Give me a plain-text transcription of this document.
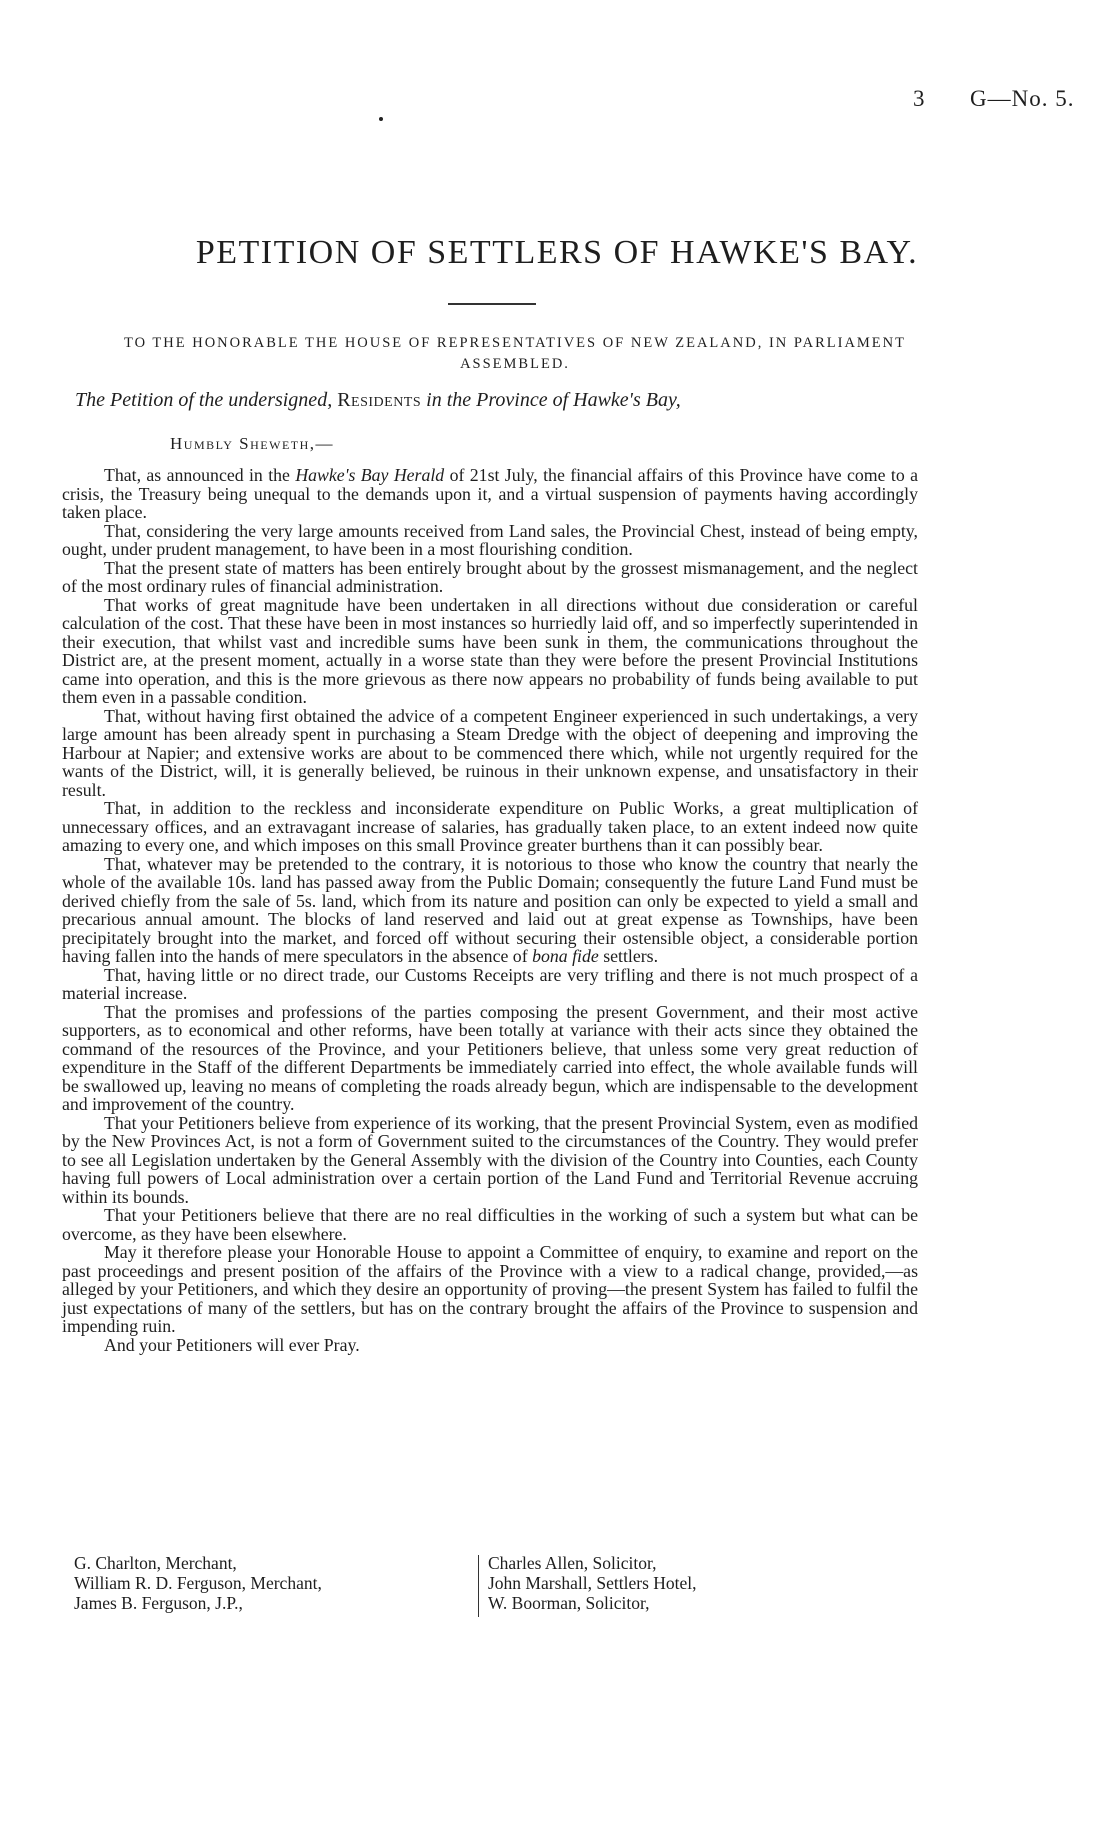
3 G—No. 5.
PETITION OF SETTLERS OF HAWKE'S BAY.
TO THE HONORABLE THE HOUSE OF REPRESENTATIVES OF NEW ZEALAND, IN PARLIAMENT ASSEMBLED.
The Petition of the undersigned, Residents in the Province of Hawke's Bay,
Humbly Sheweth,—

That, as announced in the Hawke's Bay Herald of 21st July, the financial affairs of this Province have come to a crisis, the Treasury being unequal to the demands upon it, and a virtual suspension of payments having accordingly taken place.

That, considering the very large amounts received from Land sales, the Provincial Chest, instead of being empty, ought, under prudent management, to have been in a most flourishing condition.

That the present state of matters has been entirely brought about by the grossest mismanagement, and the neglect of the most ordinary rules of financial administration.

That works of great magnitude have been undertaken in all directions without due consideration or careful calculation of the cost. That these have been in most instances so hurriedly laid off, and so imperfectly superintended in their execution, that whilst vast and incredible sums have been sunk in them, the communications throughout the District are, at the present moment, actually in a worse state than they were before the present Provincial Institutions came into operation, and this is the more grievous as there now appears no probability of funds being available to put them even in a passable condition.

That, without having first obtained the advice of a competent Engineer experienced in such undertakings, a very large amount has been already spent in purchasing a Steam Dredge with the object of deepening and improving the Harbour at Napier; and extensive works are about to be commenced there which, while not urgently required for the wants of the District, will, it is generally believed, be ruinous in their unknown expense, and unsatisfactory in their result.

That, in addition to the reckless and inconsiderate expenditure on Public Works, a great multiplication of unnecessary offices, and an extravagant increase of salaries, has gradually taken place, to an extent indeed now quite amazing to every one, and which imposes on this small Province greater burthens than it can possibly bear.

That, whatever may be pretended to the contrary, it is notorious to those who know the country that nearly the whole of the available 10s. land has passed away from the Public Domain; consequently the future Land Fund must be derived chiefly from the sale of 5s. land, which from its nature and position can only be expected to yield a small and precarious annual amount. The blocks of land reserved and laid out at great expense as Townships, have been precipitately brought into the market, and forced off without securing their ostensible object, a considerable portion having fallen into the hands of mere speculators in the absence of bona fide settlers.

That, having little or no direct trade, our Customs Receipts are very trifling and there is not much prospect of a material increase.

That the promises and professions of the parties composing the present Government, and their most active supporters, as to economical and other reforms, have been totally at variance with their acts since they obtained the command of the resources of the Province, and your Petitioners believe, that unless some very great reduction of expenditure in the Staff of the different Departments be immediately carried into effect, the whole available funds will be swallowed up, leaving no means of completing the roads already begun, which are indispensable to the development and improvement of the country.

That your Petitioners believe from experience of its working, that the present Provincial System, even as modified by the New Provinces Act, is not a form of Government suited to the circumstances of the Country. They would prefer to see all Legislation undertaken by the General Assembly with the division of the Country into Counties, each County having full powers of Local administration over a certain portion of the Land Fund and Territorial Revenue accruing within its bounds.

That your Petitioners believe that there are no real difficulties in the working of such a system but what can be overcome, as they have been elsewhere.

May it therefore please your Honorable House to appoint a Committee of enquiry, to examine and report on the past proceedings and present position of the affairs of the Province with a view to a radical change, provided,—as alleged by your Petitioners, and which they desire an opportunity of proving—the present System has failed to fulfil the just expectations of many of the settlers, but has on the contrary brought the affairs of the Province to suspension and impending ruin.

And your Petitioners will ever Pray.

G. Charlton, Merchant,
William R. D. Ferguson, Merchant,
James B. Ferguson, J.P.,
Charles Allen, Solicitor,
John Marshall, Settlers Hotel,
W. Boorman, Solicitor,
